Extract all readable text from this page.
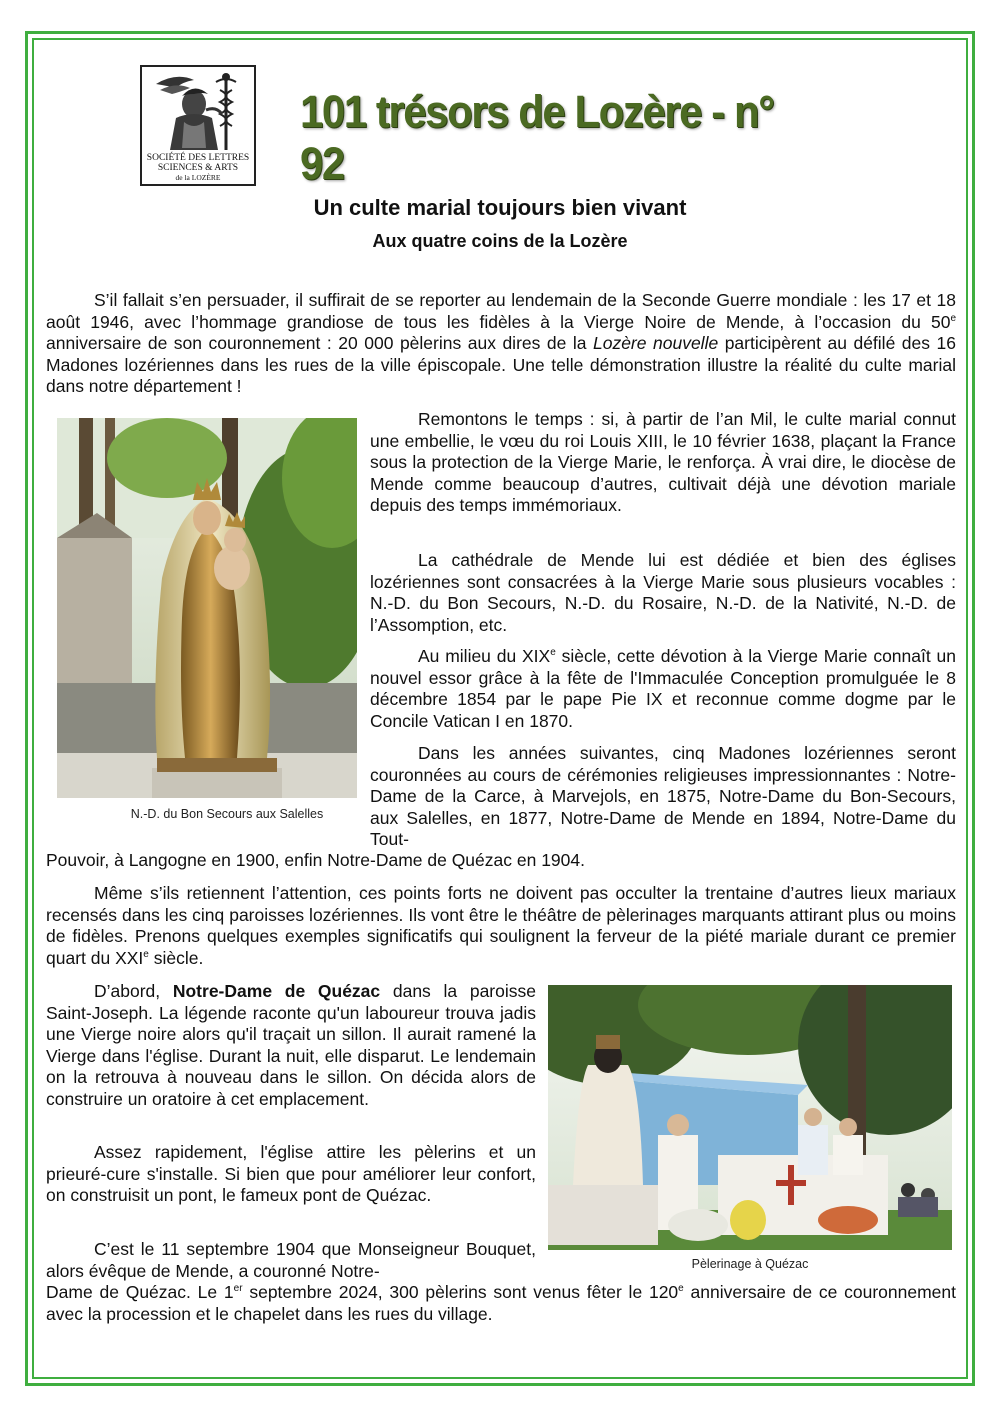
SOCIÉTÉ DES LETTRES
SCIENCES & ARTS
de la LOZÈRE
101 trésors de Lozère - n° 92
Un culte marial toujours bien vivant
Aux quatre coins de la Lozère

S’il fallait s’en persuader, il suffirait de se reporter au lendemain de la Seconde Guerre mondiale : les 17 et 18 août 1946, avec l’hommage grandiose de tous les fidèles à la Vierge Noire de Mende, à l’occasion du 50e anniversaire de son couronnement : 20 000 pèlerins aux dires de la Lozère nouvelle participèrent au défilé des 16 Madones lozériennes dans les rues de la ville épiscopale. Une telle démonstration illustre la réalité du culte marial dans notre département !

N.-D. du Bon Secours aux Salelles

Remontons le temps : si, à partir de l’an Mil, le culte marial connut une embellie, le vœu du roi Louis XIII, le 10 février 1638, plaçant la France sous la protection de la Vierge Marie, le renforça. À vrai dire, le diocèse de Mende comme beaucoup d’autres, cultivait déjà une dévotion mariale depuis des temps immémoriaux.

La cathédrale de Mende lui est dédiée et bien des églises lozériennes sont consacrées à la Vierge Marie sous plusieurs vocables : N.-D. du Bon Secours, N.-D. du Rosaire, N.-D. de la Nativité, N.-D. de l’Assomption, etc.

Au milieu du XIXe siècle, cette dévotion à la Vierge Marie connaît un nouvel essor grâce à la fête de l'Immaculée Conception promulguée le 8 décembre 1854 par le pape Pie IX et reconnue comme dogme par le Concile Vatican I en 1870.

Dans les années suivantes, cinq Madones lozériennes seront couronnées au cours de cérémonies religieuses impressionnantes : Notre-Dame de la Carce, à Marvejols, en 1875, Notre-Dame du Bon-Secours, aux Salelles, en 1877, Notre-Dame de Mende en 1894, Notre-Dame du Tout-

Pouvoir, à Langogne en 1900, enfin Notre-Dame de Quézac en 1904.

Même s’ils retiennent l’attention, ces points forts ne doivent pas occulter la trentaine d’autres lieux mariaux recensés dans les cinq paroisses lozériennes. Ils vont être le théâtre de pèlerinages marquants attirant plus ou moins de fidèles. Prenons quelques exemples significatifs qui soulignent la ferveur de la piété mariale durant ce premier quart du XXIe siècle.

D’abord, Notre-Dame de Quézac dans la paroisse Saint-Joseph. La légende raconte qu'un laboureur trouva jadis une Vierge noire alors qu'il traçait un sillon. Il aurait ramené la Vierge dans l'église. Durant la nuit, elle disparut. Le lendemain on la retrouva à nouveau dans le sillon. On décida alors de construire un oratoire à cet emplacement.

Assez rapidement, l'église attire les pèlerins et un prieuré-cure s'installe. Si bien que pour améliorer leur confort, on construisit un pont, le fameux pont de Quézac.

C’est le 11 septembre 1904 que Monseigneur Bouquet, alors évêque de Mende, a couronné Notre-

Dame de Quézac. Le 1er septembre 2024, 300 pèlerins sont venus fêter le 120e anniversaire de ce couronnement avec la procession et le chapelet dans les rues du village.

Pèlerinage à Quézac
